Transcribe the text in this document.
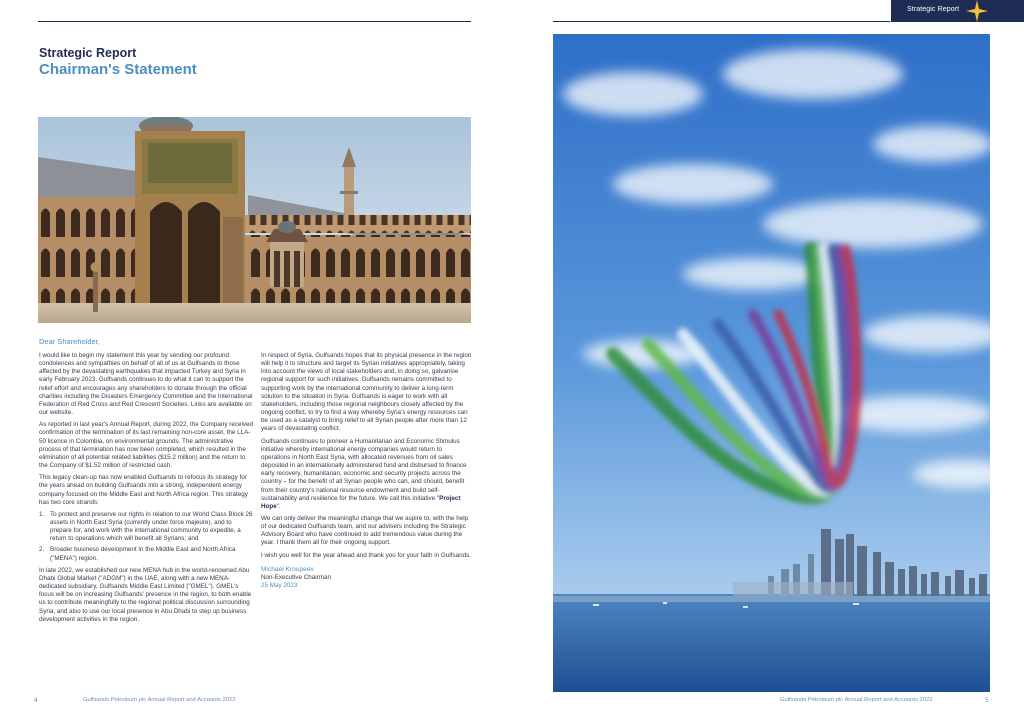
Strategic Report
Strategic Report
Chairman's Statement
Dear Shareholder,

I would like to begin my statement this year by sending our profound condolences and sympathies on behalf of all of us at Gulfsands to those affected by the devastating earthquakes that impacted Turkey and Syria in early February 2023. Gulfsands continues to do what it can to support the relief effort and encourages any shareholders to donate through the official charities including the Disasters Emergency Committee and the International Federation of Red Cross and Red Crescent Societies. Links are available on our website.

As reported in last year's Annual Report, during 2022, the Company received confirmation of the termination of its last remaining non-core asset, the LLA-50 licence in Colombia, on environmental grounds. The administrative process of that termination has now been completed, which resulted in the elimination of all potential related liabilities ($15.2 million) and the return to the Company of $1.52 million of restricted cash.

This legacy clean-up has now enabled Gulfsands to refocus its strategy for the years ahead on building Gulfsands into a strong, independent energy company focused on the Middle East and North Africa region. This strategy has two core strands:

1. To protect and preserve our rights in relation to our World Class Block 26 assets in North East Syria (currently under force majeure), and to prepare for, and work with the international community to expedite, a return to operations which will benefit all Syrians; and
2. Broader business development in the Middle East and North Africa ("MENA") region.

In late 2022, we established our new MENA hub in the world-renowned Abu Dhabi Global Market ("ADGM") in the UAE, along with a new MENA-dedicated subsidiary, Gulfsands Middle East Limited ("GMEL"). GMEL's focus will be on increasing Gulfsands' presence in the region, to both enable us to contribute meaningfully to the regional political discussion surrounding Syria, and also to use our local presence in Abu Dhabi to step up business development activities in the region.

In respect of Syria, Gulfsands hopes that its physical presence in the region will help it to structure and target its Syrian initiatives appropriately, taking into account the views of local stakeholders and, in doing so, galvanise regional support for such initiatives. Gulfsands remains committed to supporting work by the international community to deliver a long-term solution to the situation in Syria. Gulfsands is eager to work with all stakeholders, including those regional neighbours closely affected by the ongoing conflict, to try to find a way whereby Syria's energy resources can be used as a catalyst to bring relief to all Syrian people after more than 12 years of devastating conflict.

Gulfsands continues to pioneer a Humanitarian and Economic Stimulus initiative whereby international energy companies would return to operations in North East Syria, with allocated revenues from oil sales deposited in an internationally administered fund and disbursed to finance early recovery, humanitarian, economic and security projects across the country – for the benefit of all Syrian people who can, and should, benefit from their country's national resource endowment and build self-sustainability and resilience for the future. We call this initiative "Project Hope".

We can only deliver the meaningful change that we aspire to, with the help of our dedicated Gulfsands team, and our advisers including the Strategic Advisory Board who have continued to add tremendous value during the year. I thank them all for their ongoing support.

I wish you well for the year ahead and thank you for your faith in Gulfsands.

Michael Kroupeev
Non-Executive Chairman
25 May 2023
4	Gulfsands Petroleum plc Annual Report and Accounts 2022	Gulfsands Petroleum plc Annual Report and Accounts 2022	5
